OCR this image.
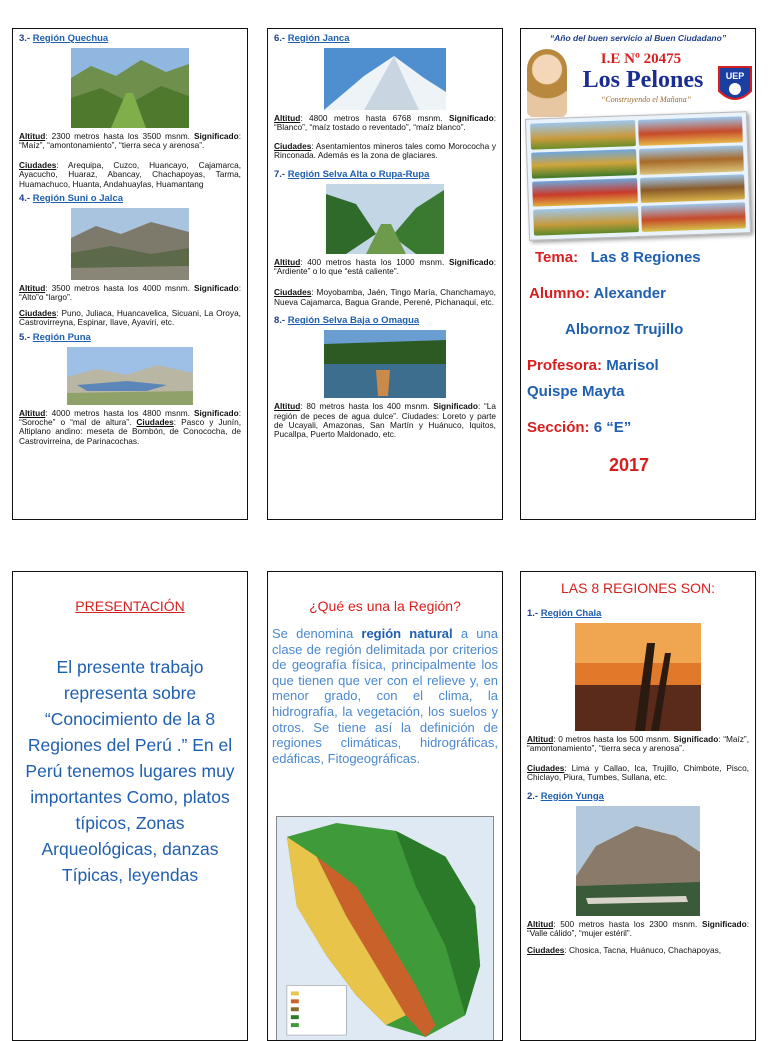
3.- Región Quechua
Altitud: 2300 metros hasta los 3500 msnm. Significado: “Maíz”, “amontonamiento”, “tierra seca y arenosa”.
Ciudades: Arequipa, Cuzco, Huancayo, Cajamarca, Ayacucho, Huaraz, Abancay, Chachapoyas, Tarma, Huamachuco, Huanta, Andahuaylas, Huamantang
4.- Región Suni o Jalca
Altitud: 3500 metros hasta los 4000 msnm. Significado: “Alto”o “largo”.
Ciudades: Puno, Juliaca, Huancavelica, Sicuani, La Oroya, Castrovirreyna, Espinar, Ilave, Ayaviri, etc.
5.- Región Puna
Altitud: 4000 metros hasta los 4800 msnm. Significado: “Soroche” o “mal de altura”. Ciudades: Pasco y Junín, Altiplano andino: meseta de Bombón, de Conococha, de Castrovirreina, de Parinacochas.
6.- Región Janca
Altitud: 4800 metros hasta 6768 msnm. Significado: “Blanco”, “maíz tostado o reventado”, “maíz blanco”.
Ciudades: Asentamientos mineros tales como Morococha y Rinconada. Además es la zona de glaciares.
7.- Región Selva Alta o Rupa-Rupa
Altitud: 400 metros hasta los 1000 msnm. Significado: “Ardiente” o lo que “está caliente”.
Ciudades: Moyobamba, Jaén, Tingo María, Chanchamayo, Nueva Cajamarca, Bagua Grande, Perené, Pichanaqui, etc.
8.- Región Selva Baja o Omagua
Altitud: 80 metros hasta los 400 msnm. Significado: “La región de peces de agua dulce”. Ciudades: Loreto y parte de Ucayali, Amazonas, San Martín y Huánuco, Iquitos, Pucallpa, Puerto Maldonado, etc.
“Año del buen servicio al Buen Ciudadano”
I.E Nº 20475
Los Pelones
“Construyendo el Mañana”
UEP
Tema: Las 8 Regiones
Alumno: Alexander
Albornoz Trujillo
Profesora: Marisol
Quispe Mayta
Sección: 6 “E”
2017
PRESENTACIÓN
El presente trabajo representa sobre “Conocimiento de la 8 Regiones del Perú .” En el Perú tenemos lugares muy importantes Como, platos típicos, Zonas Arqueológicas, danzas Típicas, leyendas
¿Qué es una la Región?
Se denomina región natural a una clase de región delimitada por criterios de geografía física, principalmente los que tienen que ver con el relieve y, en menor grado, con el clima, la hidrografía, la vegetación, los suelos y otros. Se tiene así la definición de regiones climáticas, hidrográficas, edáficas, Fitogeográficas.
LAS 8 REGIONES SON:
1.- Región Chala
Altitud: 0 metros hasta los 500 msnm. Significado: “Maíz”, “amontonamiento”, “tierra seca y arenosa”.
Ciudades: Lima y Callao, Ica, Trujillo, Chimbote, Pisco, Chiclayo, Piura, Tumbes, Sullana, etc.
2.- Región Yunga
Altitud: 500 metros hasta los 2300 msnm. Significado: “Valle cálido”, “mujer estéril”.
Ciudades: Chosica, Tacna, Huánuco, Chachapoyas,
